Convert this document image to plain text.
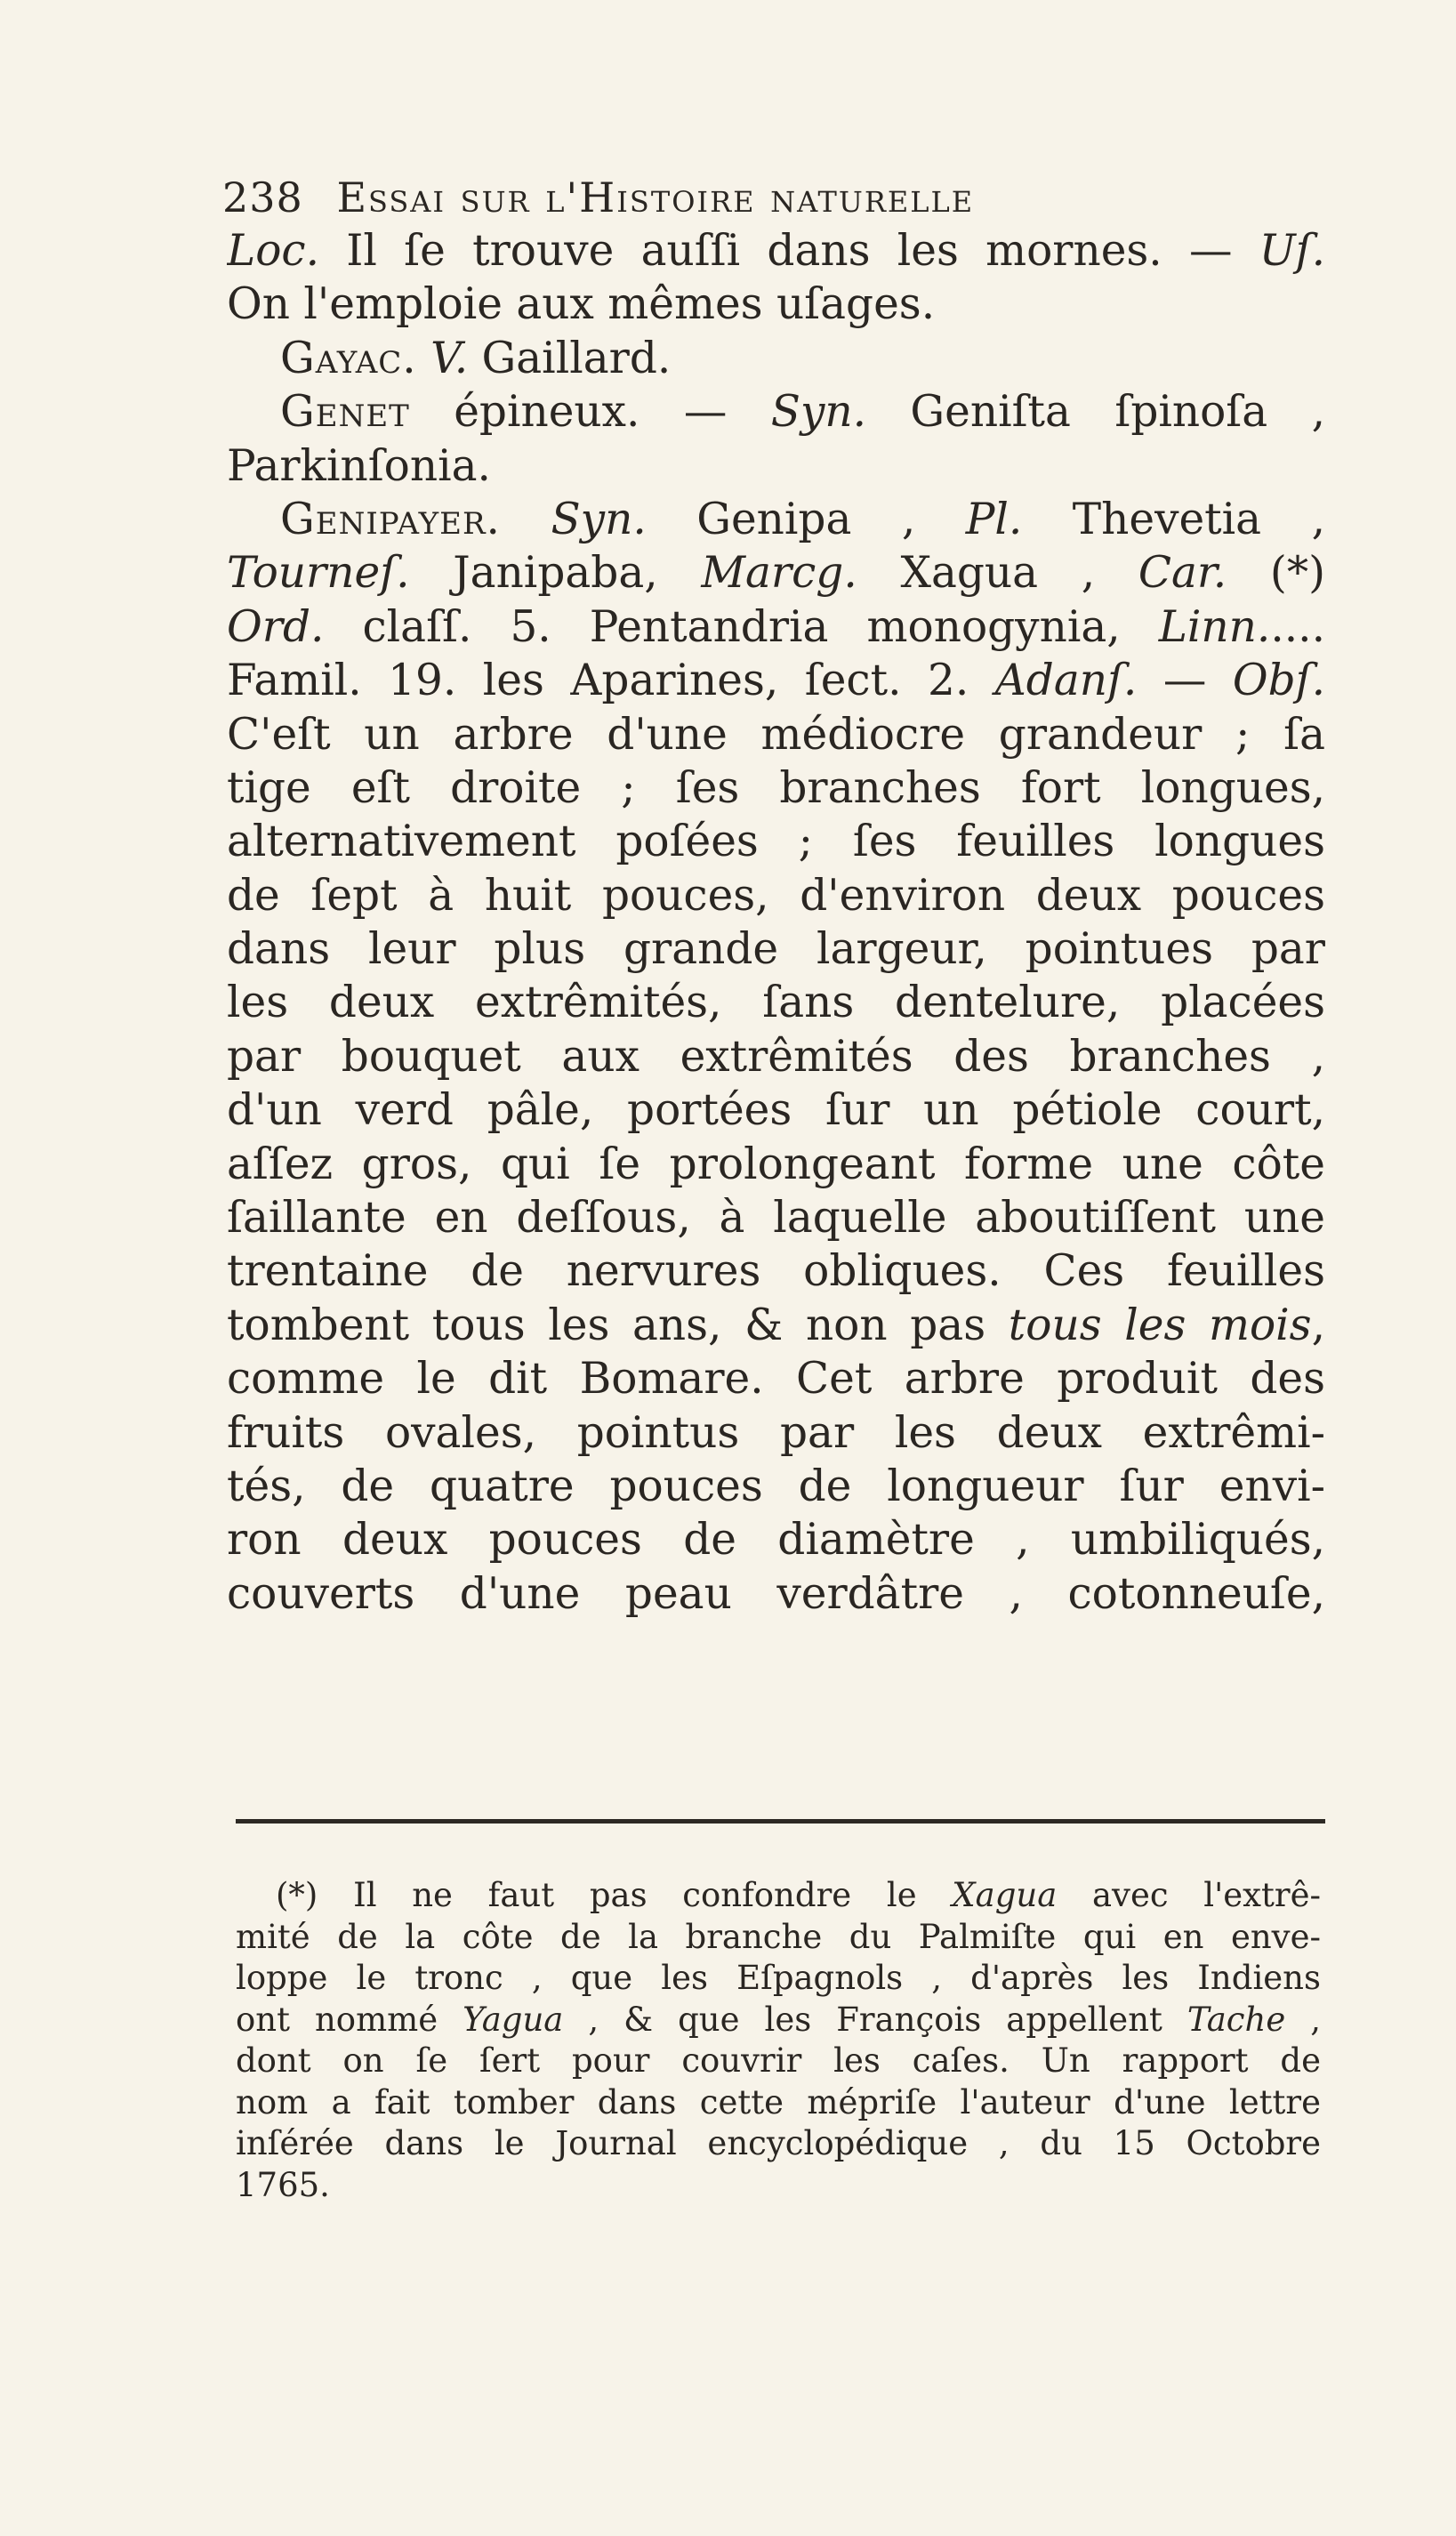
238 Essai sur l'Histoire naturelle
Loc. Il ſe trouve auſſi dans les mornes. — Uſ.
On l'emploie aux mêmes uſages.
Gayac. V. Gaillard.
Genet épineux. — Syn. Geniſta ſpinoſa ,
Parkinſonia.
Genipayer. Syn. Genipa , Pl. Thevetia ,
Tourneſ. Janipaba, Marcg. Xagua , Car. (*)
Ord. claſſ. 5. Pentandria monogynia, Linn.....
Famil. 19. les Aparines, ſect. 2. Adanſ. — Obſ.
C'eſt un arbre d'une médiocre grandeur ; ſa
tige eſt droite ; ſes branches fort longues,
alternativement poſées ; ſes feuilles longues
de ſept à huit pouces, d'environ deux pouces
dans leur plus grande largeur, pointues par
les deux extrêmités, ſans dentelure, placées
par bouquet aux extrêmités des branches ,
d'un verd pâle, portées ſur un pétiole court,
aſſez gros, qui ſe prolongeant forme une côte
ſaillante en deſſous, à laquelle aboutiſſent une
trentaine de nervures obliques. Ces feuilles
tombent tous les ans, & non pas tous les mois,
comme le dit Bomare. Cet arbre produit des
fruits ovales, pointus par les deux extrêmi-
tés, de quatre pouces de longueur ſur envi-
ron deux pouces de diamètre , umbiliqués,
couverts d'une peau verdâtre , cotonneuſe,
(*) Il ne faut pas confondre le Xagua avec l'extrê-
mité de la côte de la branche du Palmiſte qui en enve-
loppe le tronc , que les Eſpagnols , d'après les Indiens
ont nommé Yagua , & que les François appellent Tache ,
dont on ſe ſert pour couvrir les caſes. Un rapport de
nom a fait tomber dans cette mépriſe l'auteur d'une lettre
inſérée dans le Journal encyclopédique , du 15 Octobre
1765.
